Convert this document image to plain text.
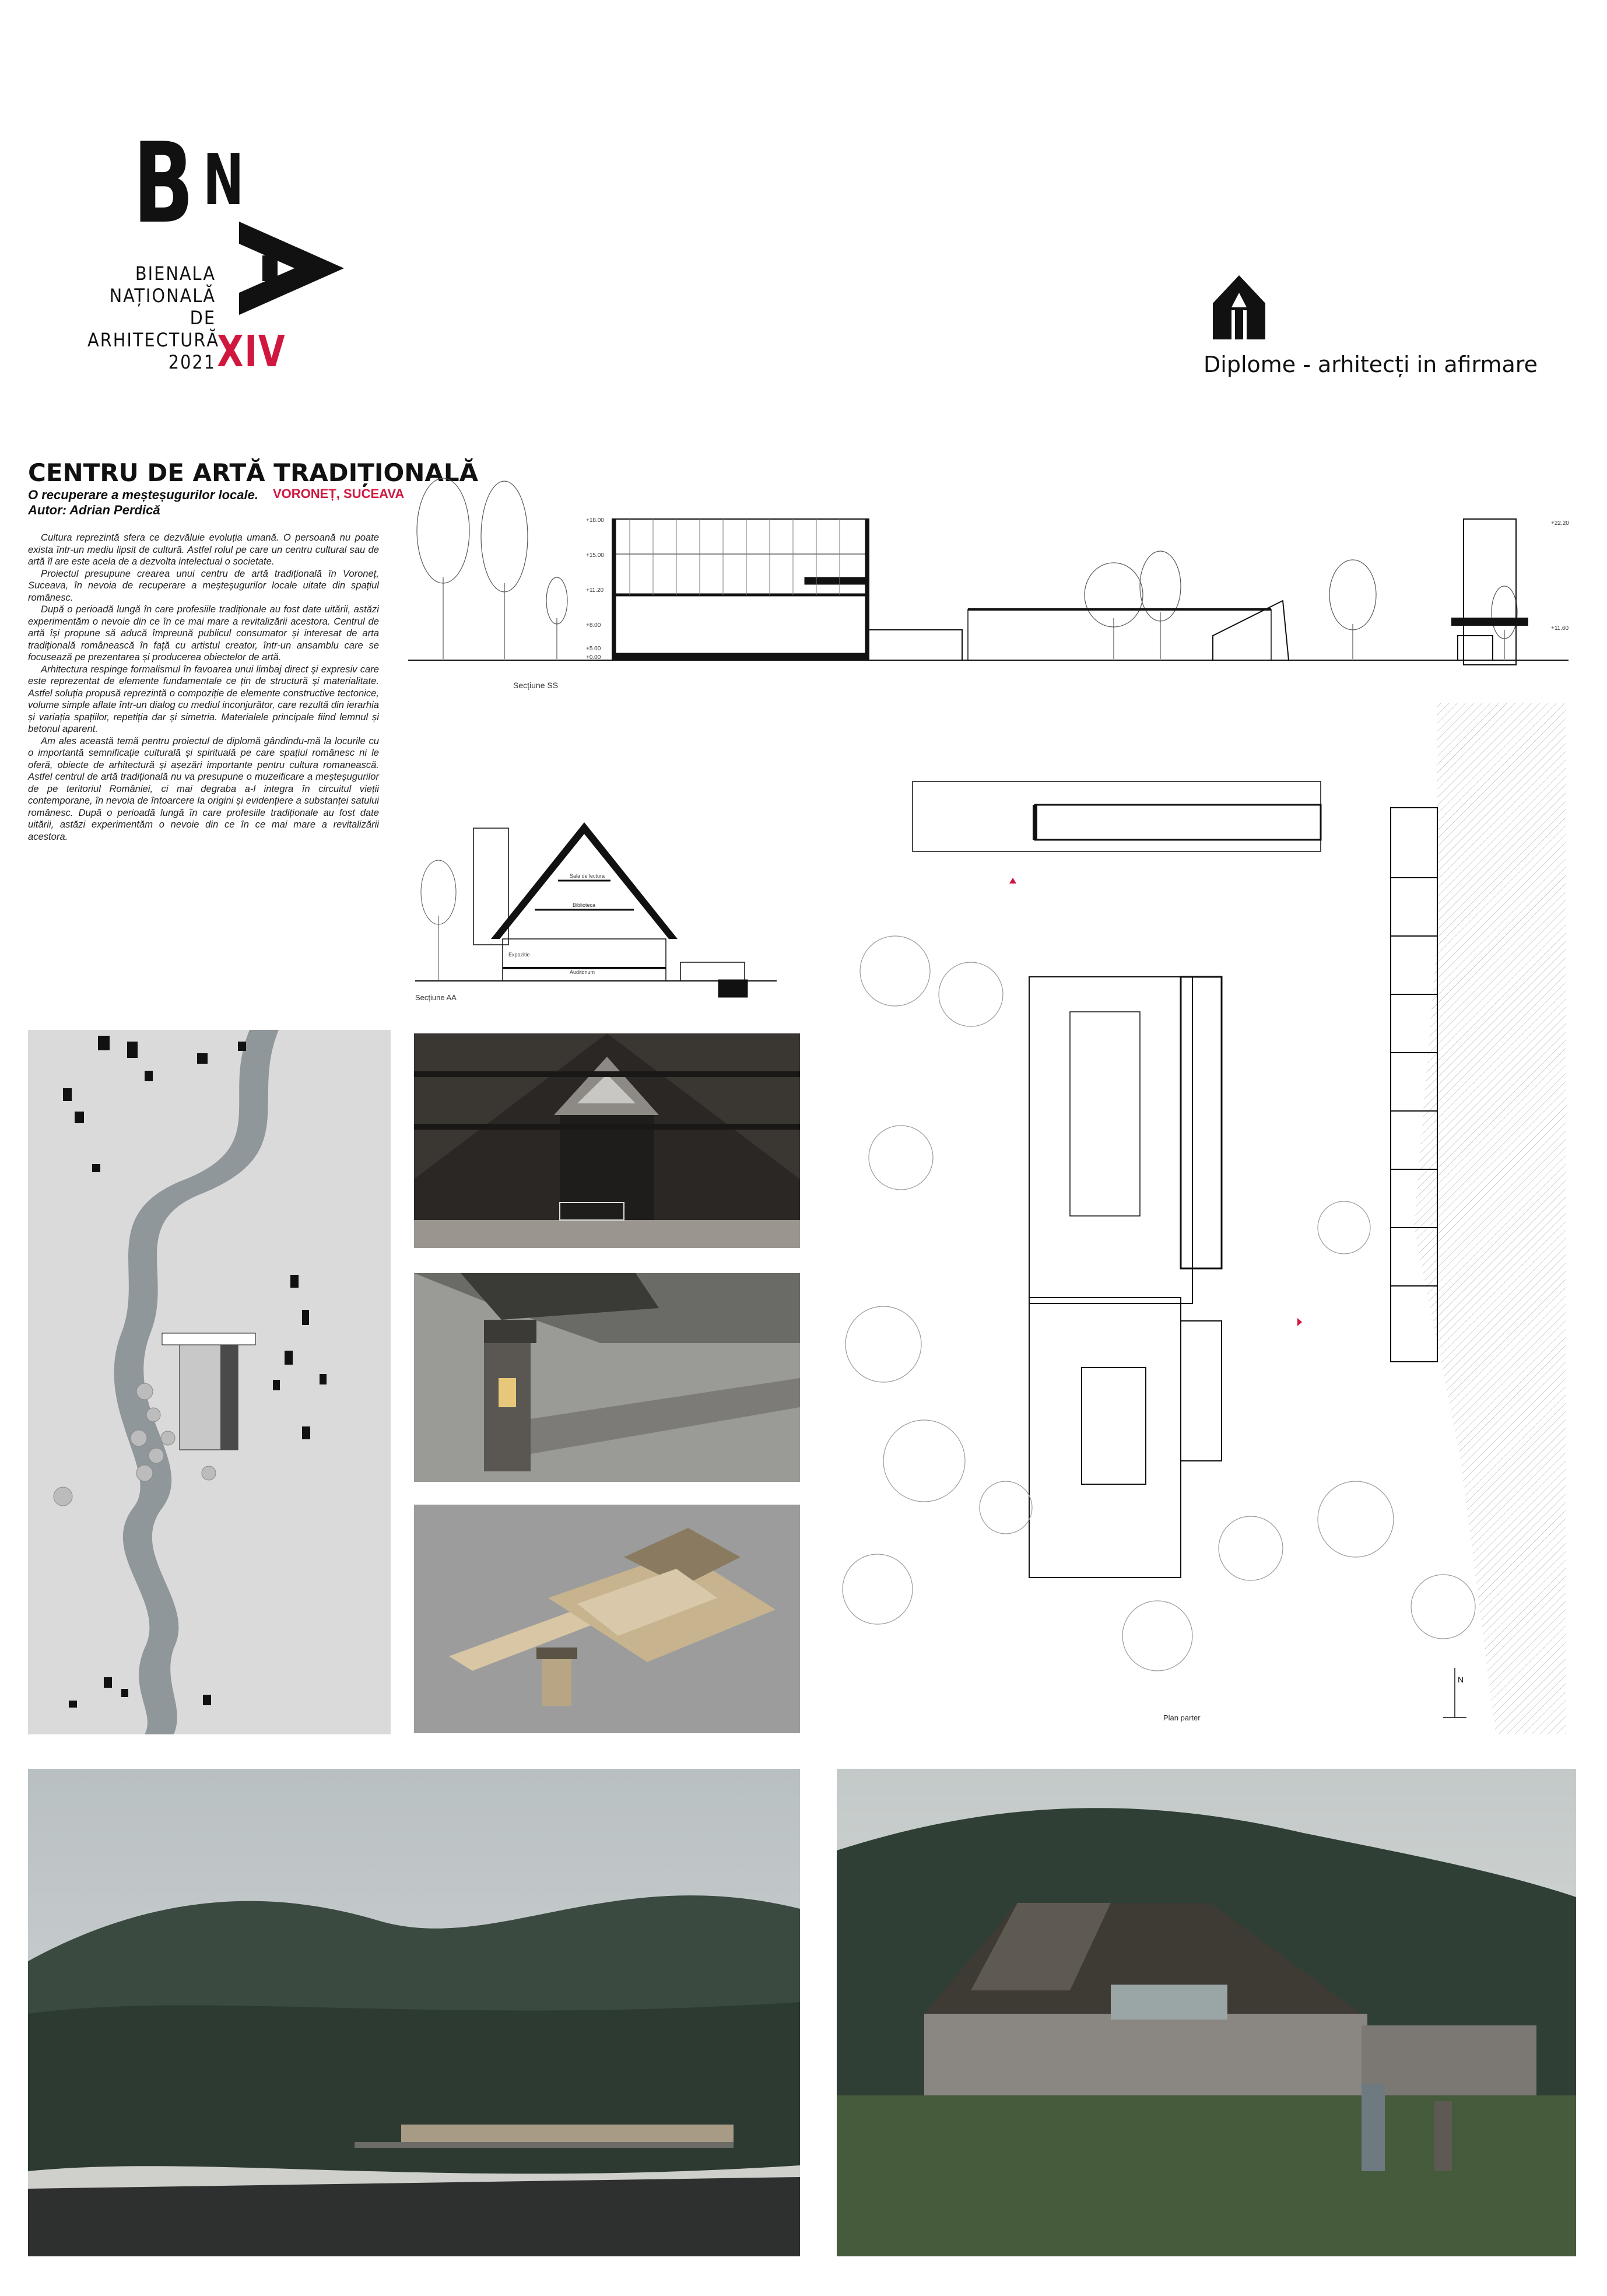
B N
BIENALA
NAȚIONALĂ
DE
ARHITECTURĂ
2021 XIV	Diplome - arhitecți in afirmare
CENTRU DE ARTĂ TRADIȚIONALĂ
O recuperare a meșteșugurilor locale. VORONEȚ, SUCEAVA
Autor: Adrian Perdică

Cultura reprezintă sfera ce dezvăluie evoluția umană. O persoană nu poate exista într-un mediu lipsit de cultură. Astfel rolul pe care un centru cultural sau de artă îl are este acela de a dezvolta intelectual o societate.

Proiectul presupune crearea unui centru de artă tradițională în Voroneț, Suceava, în nevoia de recuperare a meșteșugurilor locale uitate din spațiul românesc.

După o perioadă lungă în care profesiile tradiționale au fost date uitării, astăzi experimentăm o nevoie din ce în ce mai mare a revitalizării acestora. Centrul de artă își propune să aducă împreună publicul consumator și interesat de arta tradițională românească în față cu artistul creator, într-un ansamblu care se focusează pe prezentarea și producerea obiectelor de artă.

Arhitectura respinge formalismul în favoarea unui limbaj direct și expresiv care este reprezentat de elemente fundamentale ce țin de structură și materialitate. Astfel soluția propusă reprezintă o compoziție de elemente constructive tectonice, volume simple aflate într-un dialog cu mediul inconjurător, care rezultă din ierarhia și variația spațiilor, repetiția dar și simetria. Materialele principale fiind lemnul și betonul aparent.

Am ales această temă pentru proiectul de diplomă gândindu-mă la locurile cu o importantă semnificație culturală și spirituală pe care spațiul românesc ni le oferă, obiecte de arhitectură și așezări importante pentru cultura romanească. Astfel centrul de artă tradițională nu va presupune o muzeificare a meșteșugurilor de pe teritoriul României, ci mai degraba a-l integra în circuitul vieții contemporane, în nevoia de întoarcere la origini și evidențiere a substanței satului românesc. După o perioadă lungă în care profesiile tradiționale au fost date uitării, astăzi experimentăm o nevoie din ce în ce mai mare a revitalizării acestora.

Secțiune SS
+18.00
+15.00
+11.20
+8.00
+5.00
+0.00
+22.20
+11.60
Sala de lectura
Biblioteca
Expozitie
Auditorium
Secțiune AA
N
Plan parter
